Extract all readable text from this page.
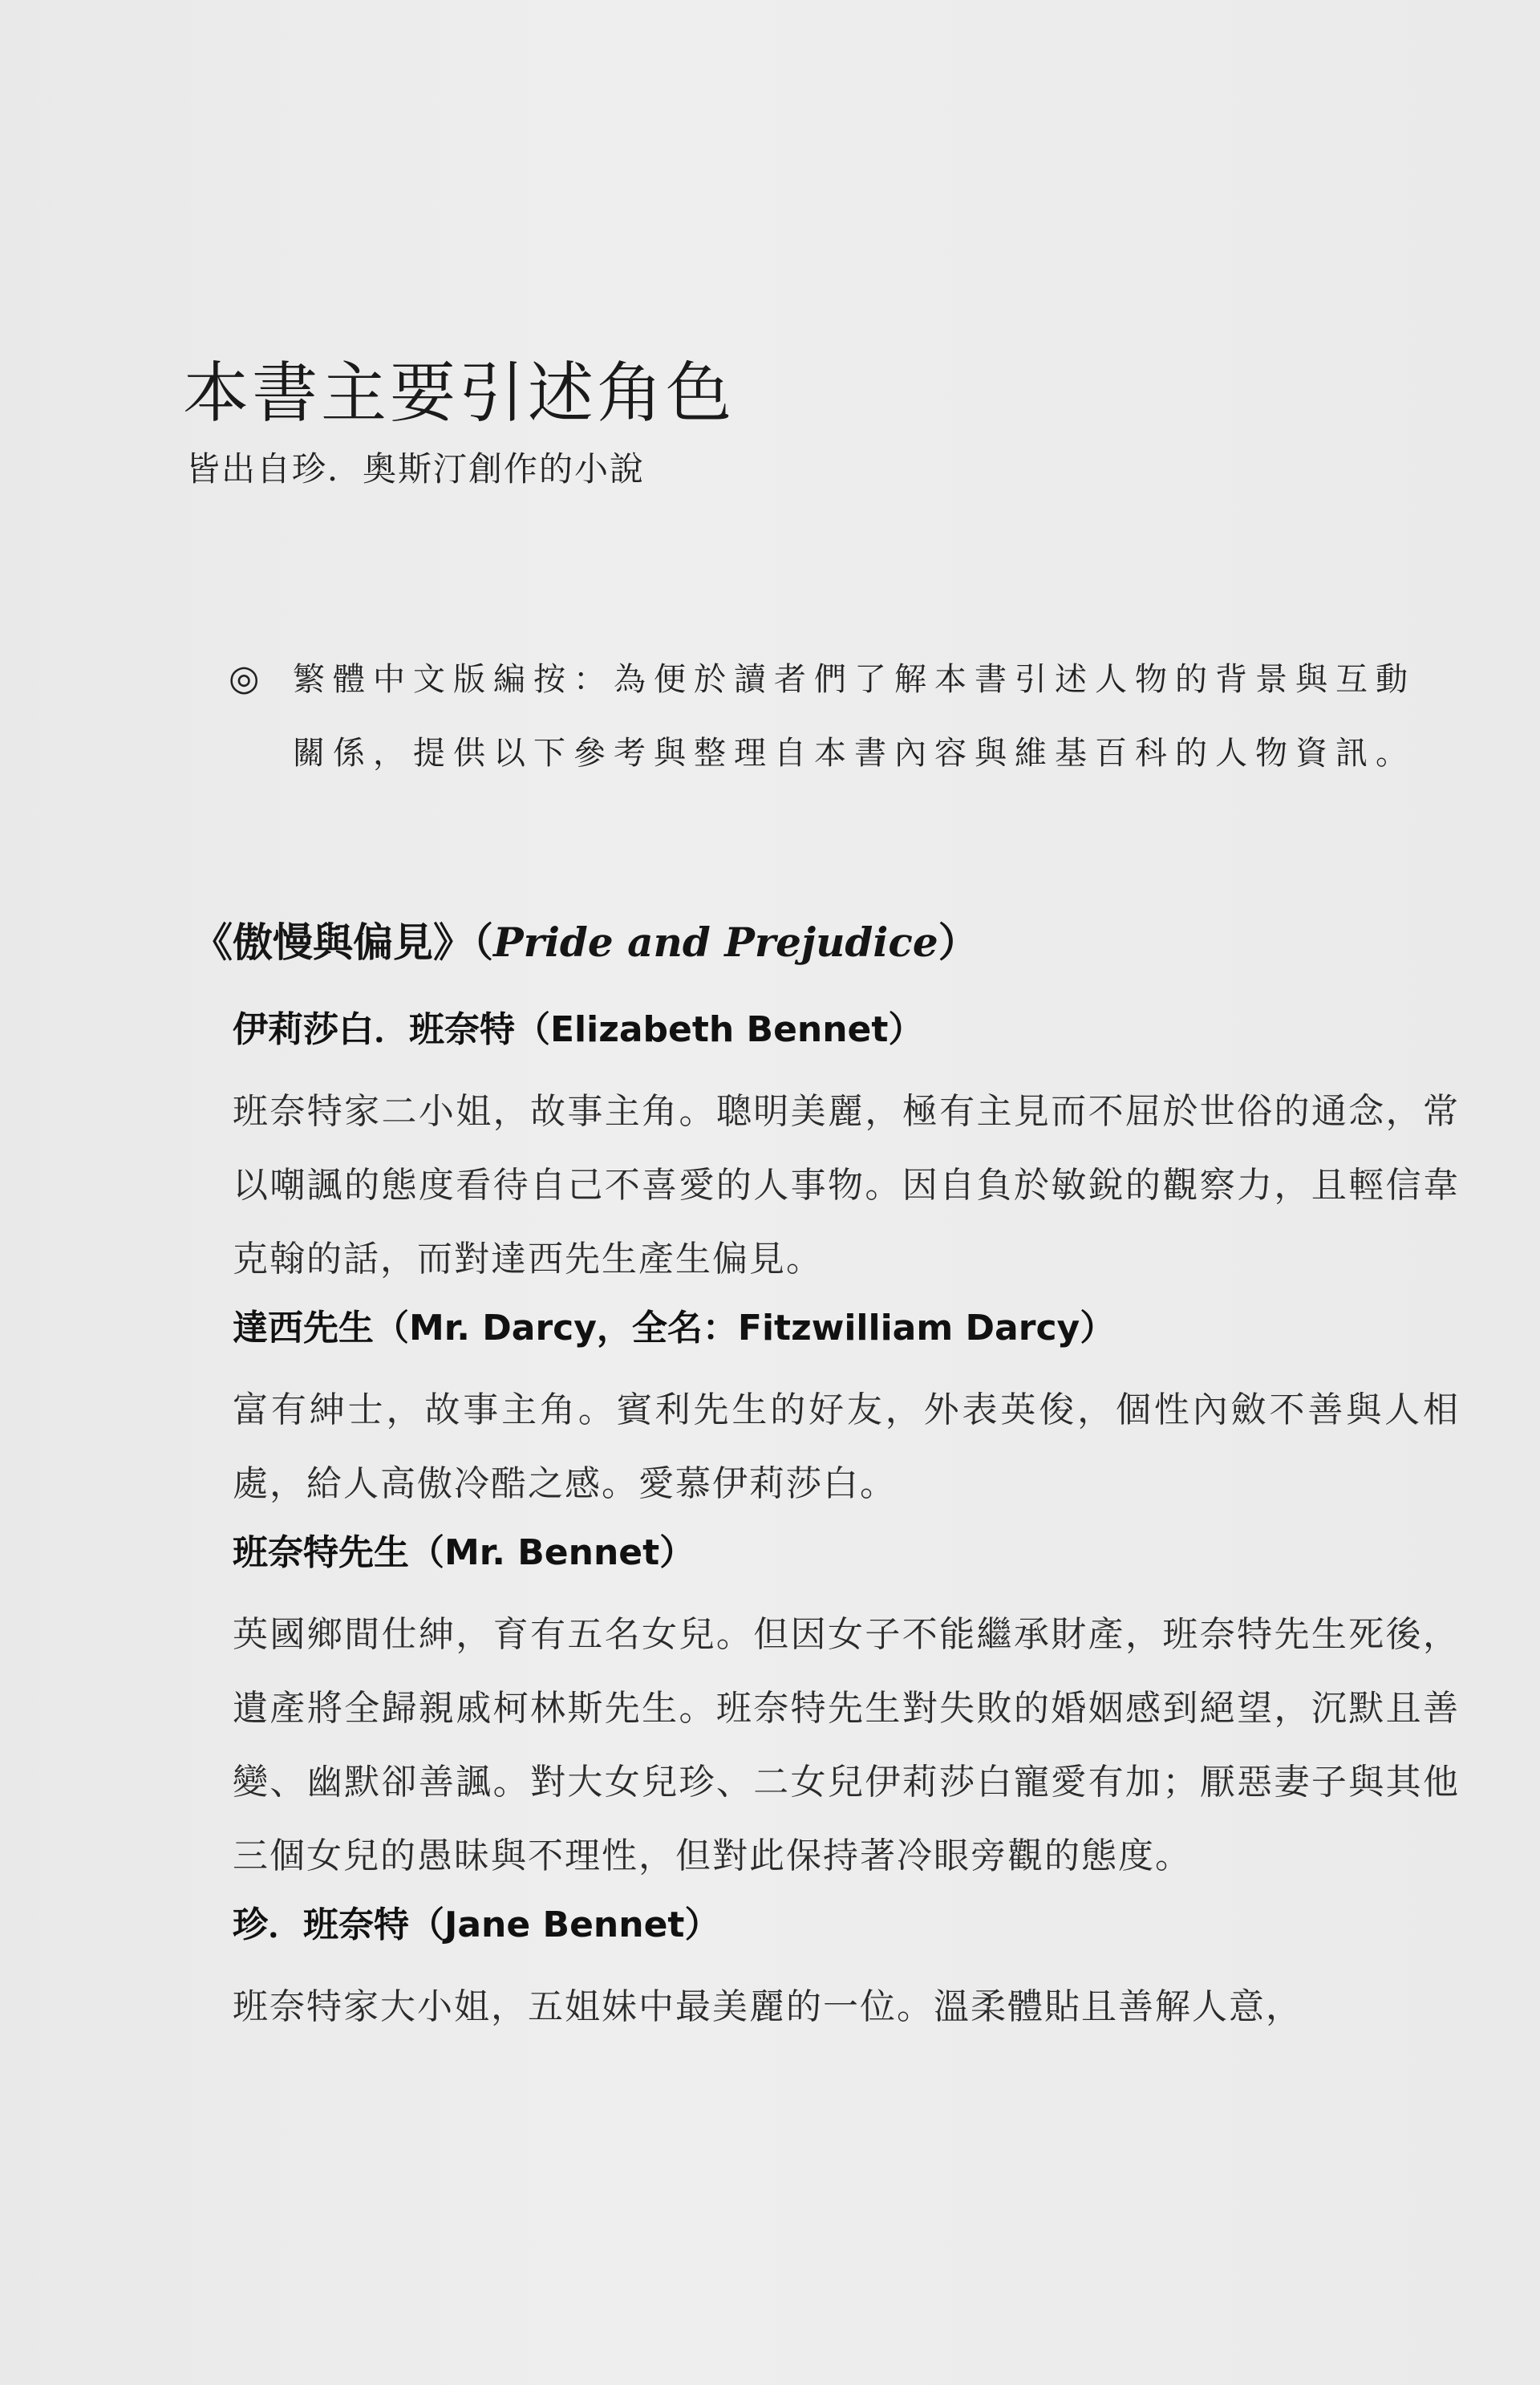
本書主要引述角色
皆出自珍．奧斯汀創作的小說
◎ 繁體中文版編按：為便於讀者們了解本書引述人物的背景與互動
關係，提供以下參考與整理自本書內容與維基百科的人物資訊。
《傲慢與偏見》（Pride and Prejudice）
伊莉莎白．班奈特（Elizabeth Bennet）

班奈特家二小姐，故事主角。聰明美麗，極有主見而不屈於世俗的通念，常以嘲諷的態度看待自己不喜愛的人事物。因自負於敏銳的觀察力，且輕信韋克翰的話，而對達西先生產生偏見。

達西先生（Mr. Darcy，全名：Fitzwilliam Darcy）

富有紳士，故事主角。賓利先生的好友，外表英俊，個性內斂不善與人相處，給人高傲冷酷之感。愛慕伊莉莎白。

班奈特先生（Mr. Bennet）

英國鄉間仕紳，育有五名女兒。但因女子不能繼承財產，班奈特先生死後，遺產將全歸親戚柯林斯先生。班奈特先生對失敗的婚姻感到絕望，沉默且善變、幽默卻善諷。對大女兒珍、二女兒伊莉莎白寵愛有加；厭惡妻子與其他三個女兒的愚昧與不理性，但對此保持著冷眼旁觀的態度。

珍．班奈特（Jane Bennet）

班奈特家大小姐，五姐妹中最美麗的一位。溫柔體貼且善解人意，
